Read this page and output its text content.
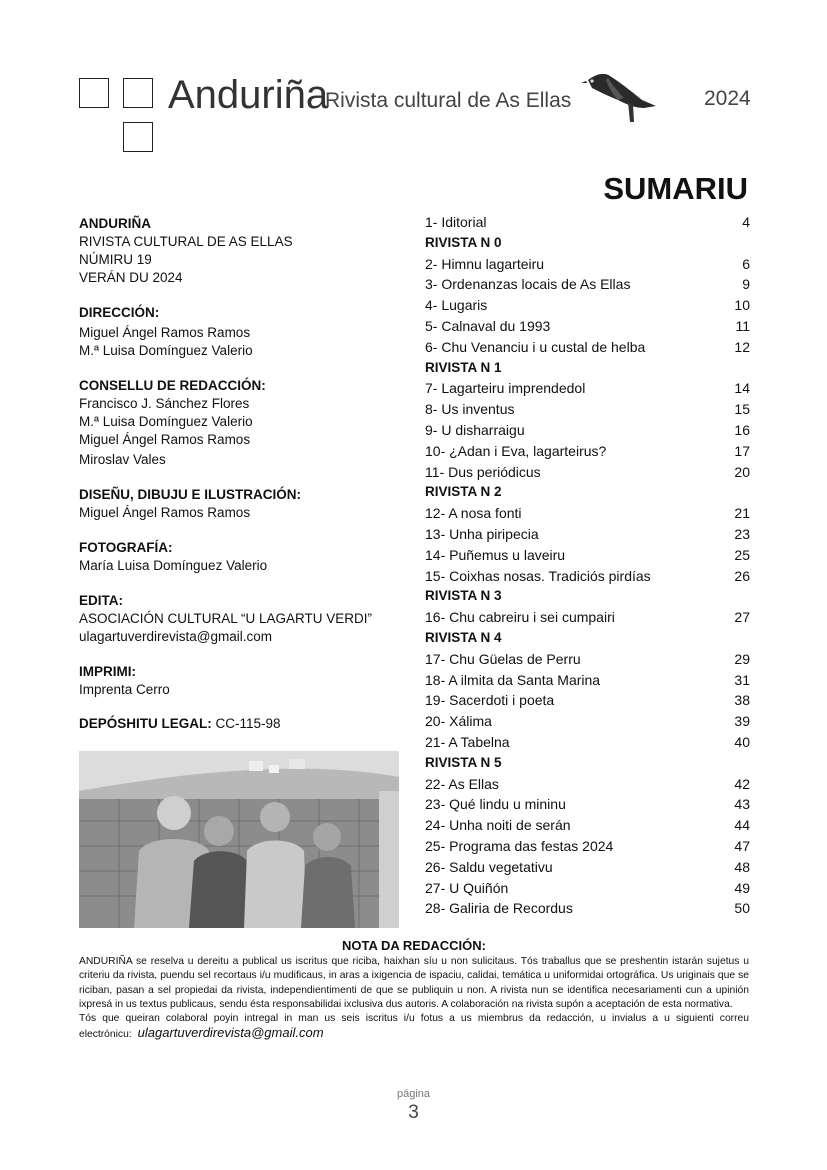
Anduriña
Rivista cultural de As Ellas	2024
SUMARIU
ANDURIÑA
RIVISTA CULTURAL DE AS ELLAS
NÚMIRU 19
VERÁN DU 2024
DIRECCIÓN:
Miguel Ángel Ramos Ramos
M.ª Luisa Domínguez Valerio
CONSELLU DE REDACCIÓN:
Francisco J. Sánchez Flores
M.ª Luisa Domínguez Valerio
Miguel Ángel Ramos Ramos
Miroslav Vales
DISEÑU, DIBUJU E ILUSTRACIÓN:
Miguel Ángel Ramos Ramos
FOTOGRAFÍA:
María Luisa Domínguez Valerio
EDITA:
ASOCIACIÓN CULTURAL “U LAGARTU VERDI”
ulagartuverdirevista@gmail.com
IMPRIMI:
Imprenta Cerro
DEPÓSHITU LEGAL: CC-115-98
1- Iditorial	4
RIVISTA N 0
2- Himnu lagarteiru	6
3- Ordenanzas locais de As Ellas	9
4- Lugaris	10
5- Calnaval du 1993	11
6- Chu Venanciu i u custal de helba	12
RIVISTA N 1
7- Lagarteiru imprendedol	14
8- Us inventus	15
9- U disharraigu	16
10- ¿Adan i Eva, lagarteirus?	17
11- Dus periódicus	20
RIVISTA N 2
12- A nosa fonti	21
13- Unha piripecia	23
14- Puñemus u laveiru	25
15- Coixhas nosas. Tradiciós pirdías	26
RIVISTA N 3
16- Chu cabreiru i sei cumpairi	27
RIVISTA N 4
17- Chu Güelas de Perru	29
18- A ilmita da Santa Marina	31
19- Sacerdoti i poeta	38
20- Xálima	39
21- A Tabelna	40
RIVISTA N 5
22- As Ellas	42
23- Qué lindu u mininu	43
24- Unha noiti de serán	44
25- Programa das festas 2024	47
26- Saldu vegetativu	48
27- U Quiñón	49
28- Galiria de Recordus	50
NOTA DA REDACCIÓN:

ANDURIÑA se reselva u dereitu a publical us iscritus que riciba, haixhan síu u non sulicitaus. Tós traballus que se preshentin istarán sujetus u criteriu da rivista, puendu sel recortaus i/u mudificaus, in aras a ixigencia de ispaciu, calidai, temática u uniformidai ortográfica. Us uriginais que se riciban, pasan a sel propiedai da rivista, independientimenti de que se publiquin u non. A rivista nun se identifica necesariamenti cun a upinión ixpresá in us textus publicaus, sendu ésta responsabilidai ixclusiva dus autoris. A colaboración na rivista supón a aceptación de esta normativa.

Tós que queiran colaboral poyin intregal in man us seis iscritus i/u fotus a us miembrus da redacción, u invialus a u siguienti correu electrónicu: ulagartuverdirevista@gmail.com

página
3
